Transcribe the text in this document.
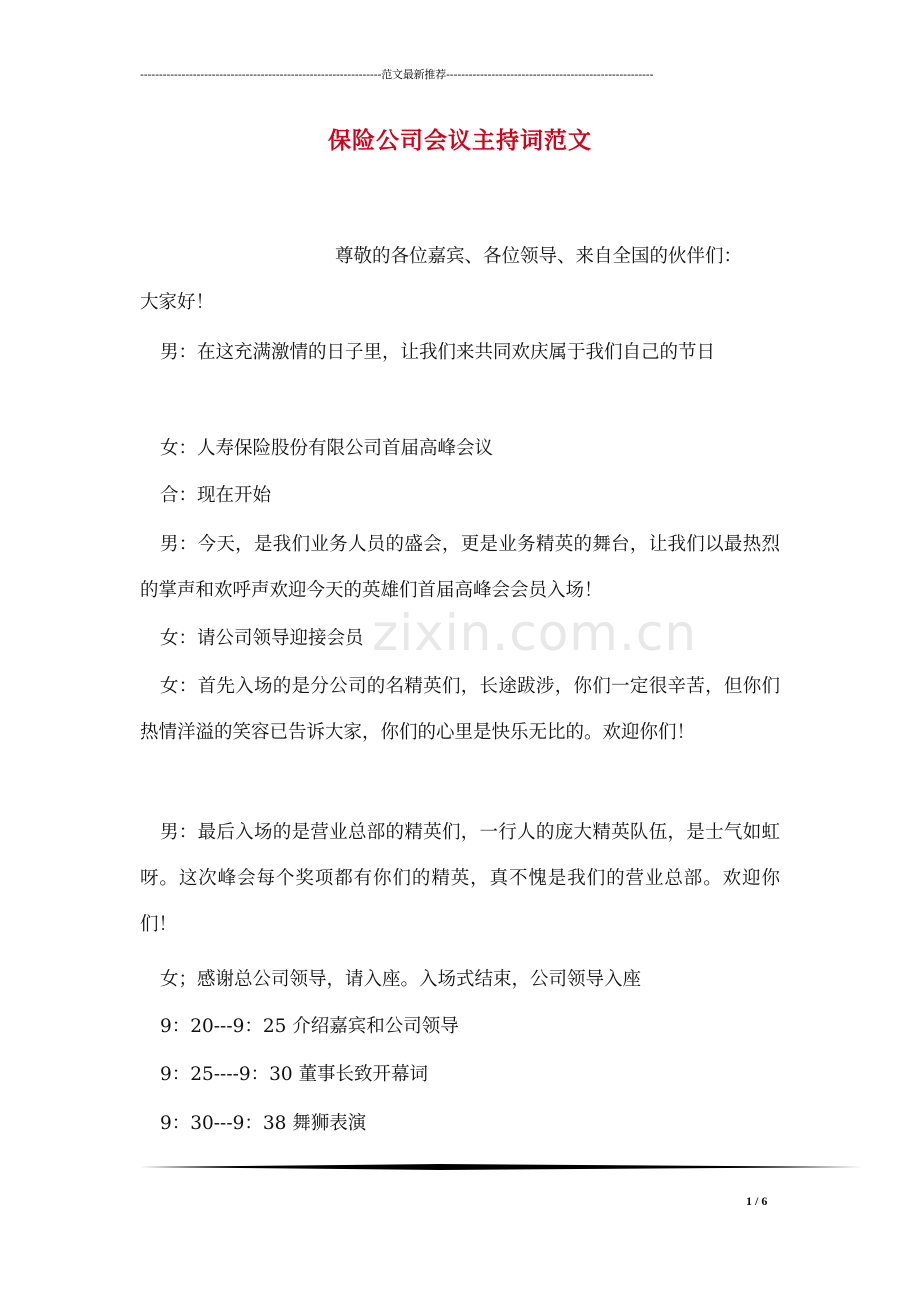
----------------------------------------------------------------范文最新推荐-------------------------------------------------------
保险公司会议主持词范文
尊敬的各位嘉宾、各位领导、来自全国的伙伴们：

大家好！

男：在这充满激情的日子里，让我们来共同欢庆属于我们自己的节日

女：人寿保险股份有限公司首届高峰会议

合：现在开始

男：今天，是我们业务人员的盛会，更是业务精英的舞台，让我们以最热烈的掌声和欢呼声欢迎今天的英雄们首届高峰会会员入场！

女：请公司领导迎接会员

女：首先入场的是分公司的名精英们，长途跋涉，你们一定很辛苦，但你们热情洋溢的笑容已告诉大家，你们的心里是快乐无比的。欢迎你们！

男：最后入场的是营业总部的精英们，一行人的庞大精英队伍，是士气如虹呀。这次峰会每个奖项都有你们的精英，真不愧是我们的营业总部。欢迎你们！

女；感谢总公司领导，请入座。入场式结束，公司领导入座

9：20---9：25 介绍嘉宾和公司领导

9：25----9：30 董事长致开幕词

9：30---9：38 舞狮表演

zixin.com.cn
1 / 6
